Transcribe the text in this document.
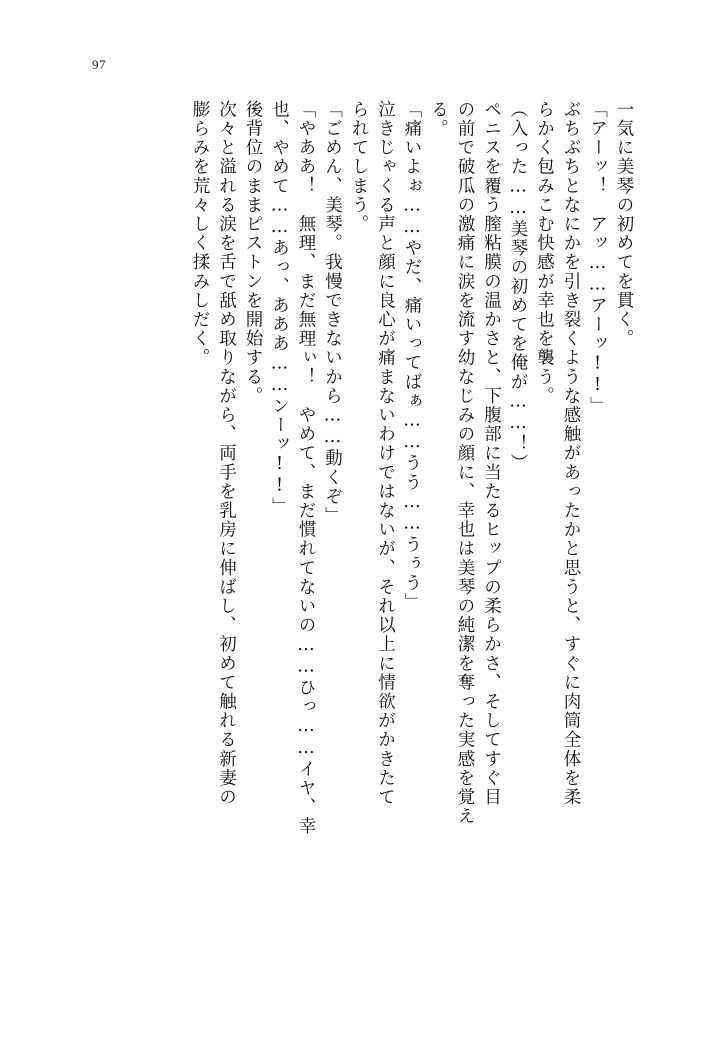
97
一気に美琴の初めてを貫く。
「アーッ！　アッ……アーッ!!」
ぶちぶちとなにかを引き裂くような感触があったかと思うと、すぐに肉筒全体を柔
らかく包みこむ快感が幸也を襲う。
（入った……美琴の初めてを俺が……！）
ペニスを覆う膣粘膜の温かさと、下腹部に当たるヒップの柔らかさ、そしてすぐ目
の前で破瓜の激痛に涙を流す幼なじみの顔に、幸也は美琴の純潔を奪った実感を覚え
る。
「痛いよぉ……やだ、痛いってばぁ……うう……うぅう」
泣きじゃくる声と顔に良心が痛まないわけではないが、それ以上に情欲がかきたて
られてしまう。
「ごめん、美琴。我慢できないから……動くぞ」
「やああ！　無理、まだ無理ぃ！　やめて、まだ慣れてないの……ひっ……イヤ、幸
也、やめて……あっ、あああ……ンーッ!!」
後背位のままピストンを開始する。
次々と溢れる涙を舌で舐め取りながら、両手を乳房に伸ばし、初めて触れる新妻の
膨らみを荒々しく揉みしだく。
